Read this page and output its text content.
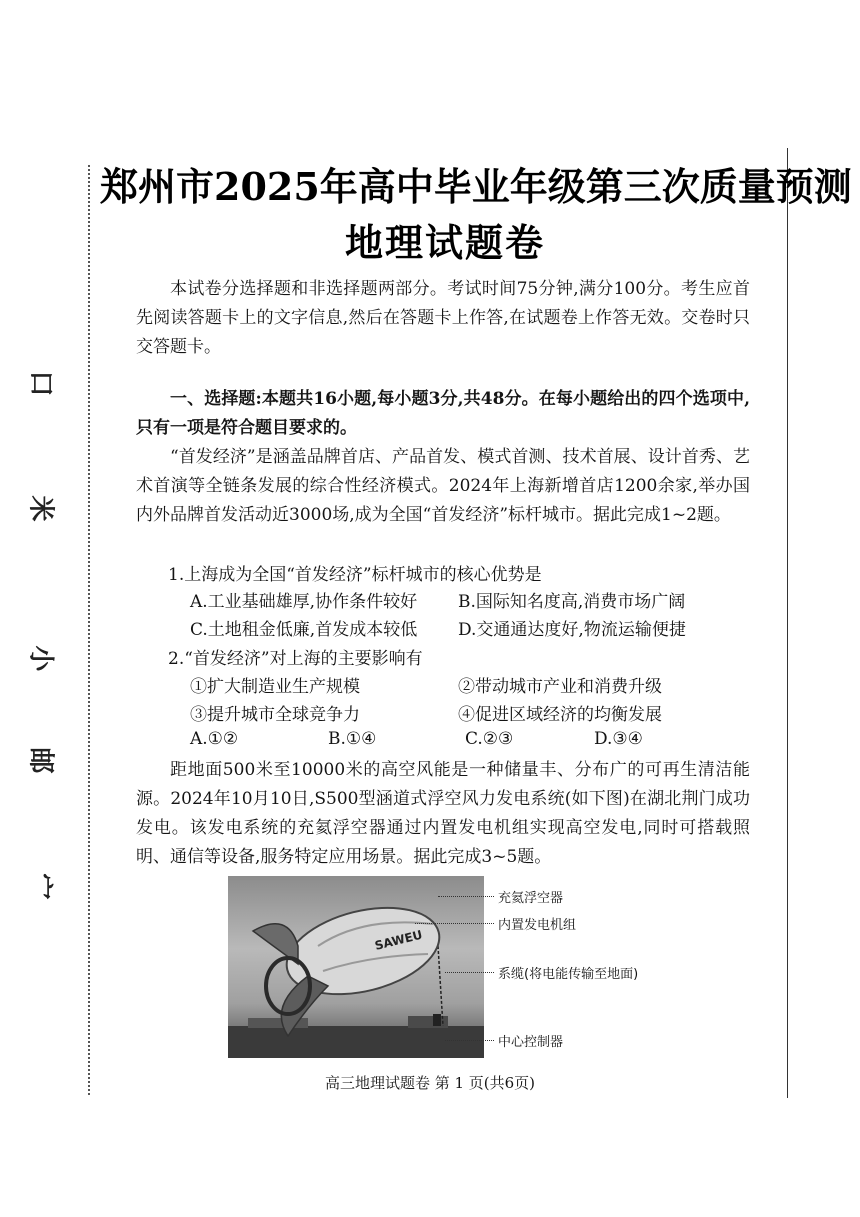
口
米
小
邮
宀
郑州市2025年高中毕业年级第三次质量预测
地理试题卷
本试卷分选择题和非选择题两部分。考试时间75分钟,满分100分。考生应首先阅读答题卡上的文字信息,然后在答题卡上作答,在试题卷上作答无效。交卷时只交答题卡。
一、选择题:本题共16小题,每小题3分,共48分。在每小题给出的四个选项中,只有一项是符合题目要求的。
“首发经济”是涵盖品牌首店、产品首发、模式首测、技术首展、设计首秀、艺术首演等全链条发展的综合性经济模式。2024年上海新增首店1200余家,举办国内外品牌首发活动近3000场,成为全国“首发经济”标杆城市。据此完成1~2题。
1.上海成为全国“首发经济”标杆城市的核心优势是
A.工业基础雄厚,协作条件较好 B.国际知名度高,消费市场广阔
C.土地租金低廉,首发成本较低 D.交通通达度好,物流运输便捷
2.“首发经济”对上海的主要影响有
①扩大制造业生产规模	②带动城市产业和消费升级
③提升城市全球竞争力	④促进区域经济的均衡发展
A.①②	B.①④	C.②③	D.③④
距地面500米至10000米的高空风能是一种储量丰、分布广的可再生清洁能源。2024年10月10日,S500型涵道式浮空风力发电系统(如下图)在湖北荆门成功发电。该发电系统的充氦浮空器通过内置发电机组实现高空发电,同时可搭载照明、通信等设备,服务特定应用场景。据此完成3~5题。
SAWEU
充氦浮空器
内置发电机组
系缆(将电能传输至地面)
中心控制器
高三地理试题卷 第 1 页(共6页)
